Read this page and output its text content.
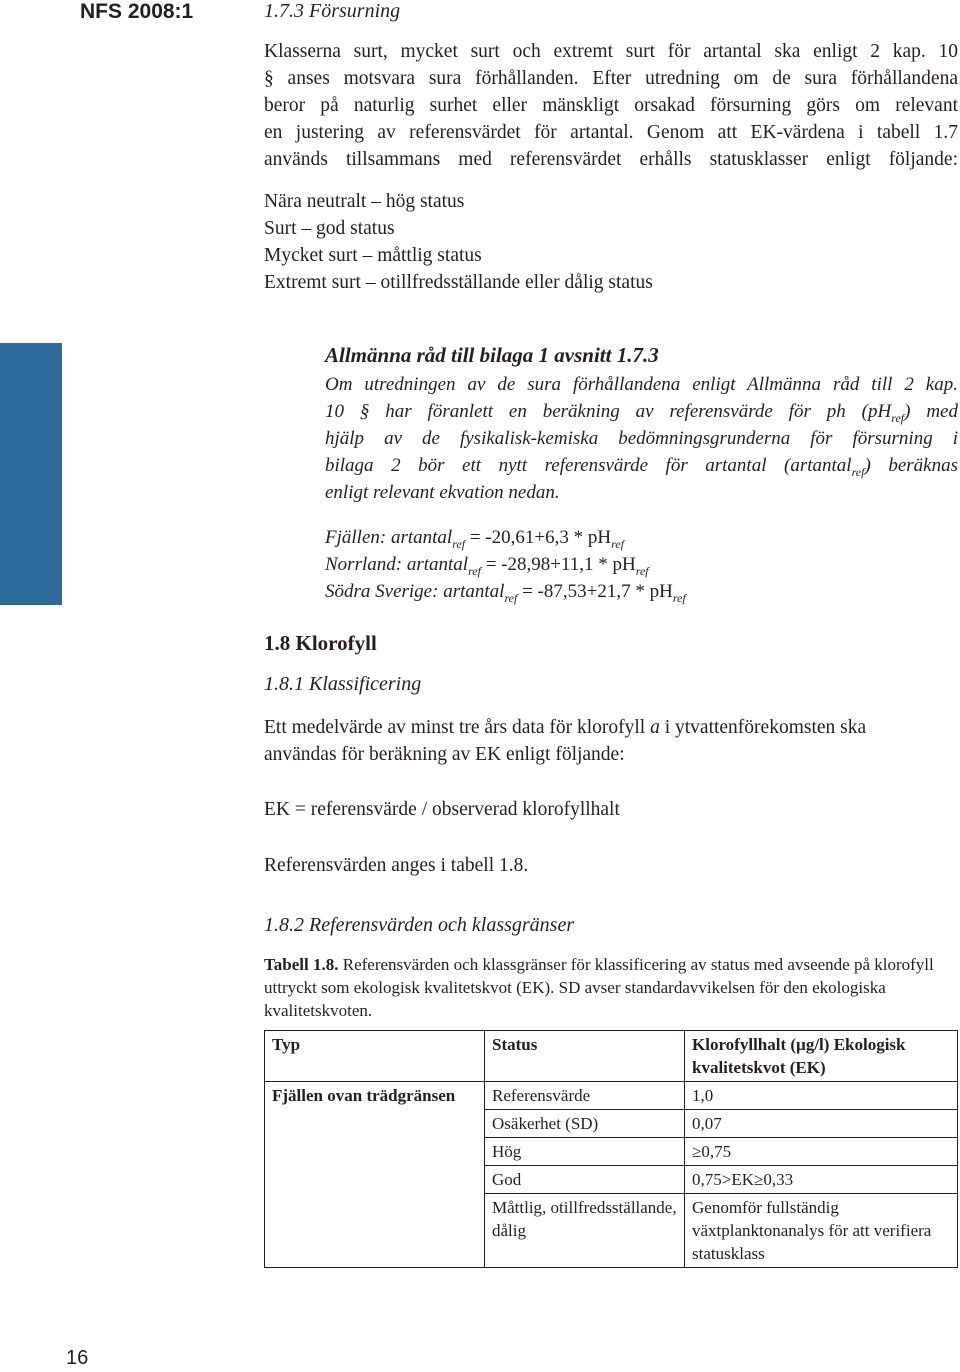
NFS 2008:1	1.7.3 Försurning
Klasserna surt, mycket surt och extremt surt för artantal ska enligt 2 kap. 10
§ anses motsvara sura förhållanden. Efter utredning om de sura förhållandena
beror på naturlig surhet eller mänskligt orsakad försurning görs om relevant
en justering av referensvärdet för artantal. Genom att EK-värdena i tabell 1.7
används tillsammans med referensvärdet erhålls statusklasser enligt följande:
Nära neutralt – hög status
Surt – god status
Mycket surt – måttlig status
Extremt surt – otillfredsställande eller dålig status
Allmänna råd till bilaga 1 avsnitt 1.7.3
Om utredningen av de sura förhållandena enligt Allmänna råd till 2 kap.
10 § har föranlett en beräkning av referensvärde för ph $(pH_{ref})$ med
hjälp av de fysikalisk-kemiska bedömningsgrunderna för försurning i
bilaga 2 bör ett nytt referensvärde för artantal (artantal$_{ref}$) beräknas
enligt relevant ekvation nedan.
Fjällen: artantal$_{ref}$ = $-20,61+6,3 * pH_{ref}$
Norrland: artantal$_{ref}$ = $-28,98+11,1 * pH_{ref}$
Södra Sverige: artantal$_{ref}$ = $-87,53+21,7 * pH_{ref}$
1.8 Klorofyll
1.8.1 Klassificering
Ett medelvärde av minst tre års data för klorofyll a i ytvattenförekomsten ska
användas för beräkning av EK enligt följande:
EK = referensvärde / observerad klorofyllhalt
Referensvärden anges i tabell 1.8.
1.8.2 Referensvärden och klassgränser
Tabell 1.8. Referensvärden och klassgränser för klassificering av status med avseende på klorofyll uttryckt som ekologisk kvalitetskvot (EK). SD avser standardavvikelsen för den ekologiska kvalitetskvoten.
Typ	Status	Klorofyllhalt (µg/l) Ekologisk kvalitetskvot (EK)
Fjällen ovan trädgränsen	Referensvärde	1,0
	Osäkerhet (SD)	0,07
	Hög	≥0,75
	God	0,75>EK≥0,33
	Måttlig, otillfredsställande, dålig	Genomför fullständig växtplanktonanalys för att verifiera statusklass
16
